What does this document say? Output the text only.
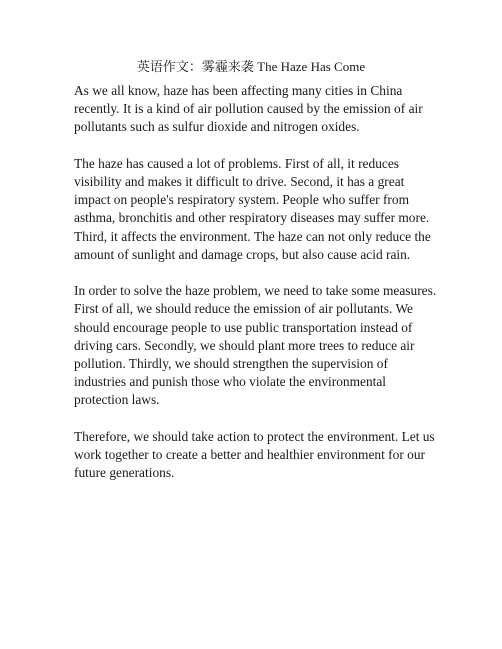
英语作文：雾霾来袭 The Haze Has Come

As we all know, haze has been affecting many cities in China recently. It is a kind of air pollution caused by the emission of air pollutants such as sulfur dioxide and nitrogen oxides.

The haze has caused a lot of problems. First of all, it reduces visibility and makes it difficult to drive. Second, it has a great impact on people's respiratory system. People who suffer from asthma, bronchitis and other respiratory diseases may suffer more. Third, it affects the environment. The haze can not only reduce the amount of sunlight and damage crops, but also cause acid rain.

In order to solve the haze problem, we need to take some measures. First of all, we should reduce the emission of air pollutants. We should encourage people to use public transportation instead of driving cars. Secondly, we should plant more trees to reduce air pollution. Thirdly, we should strengthen the supervision of industries and punish those who violate the environmental protection laws.

Therefore, we should take action to protect the environment. Let us work together to create a better and healthier environment for our future generations.
